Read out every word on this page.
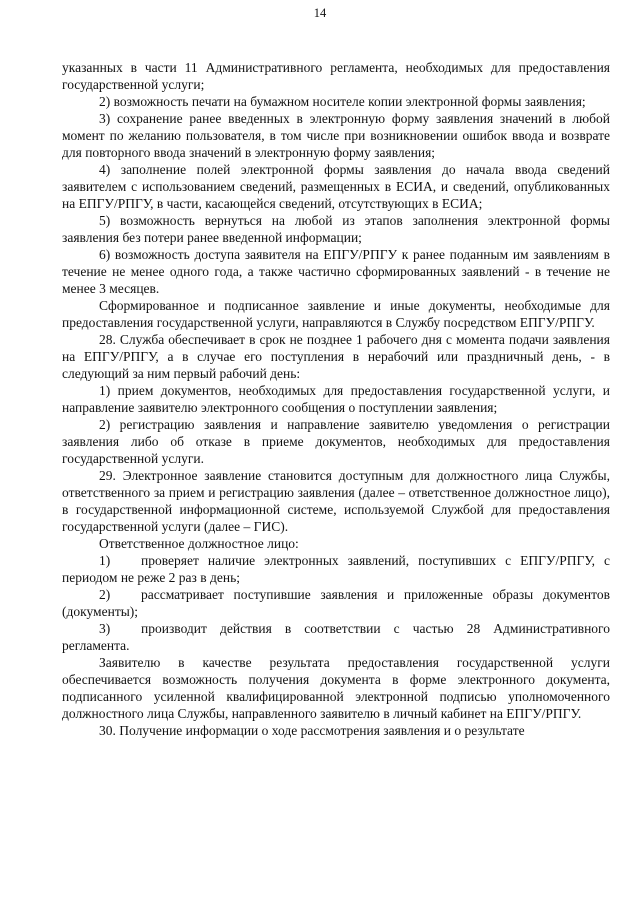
14

указанных в части 11 Административного регламента, необходимых для предоставления государственной услуги;

2) возможность печати на бумажном носителе копии электронной формы заявления;

3) сохранение ранее введенных в электронную форму заявления значений в любой момент по желанию пользователя, в том числе при возникновении ошибок ввода и возврате для повторного ввода значений в электронную форму заявления;

4) заполнение полей электронной формы заявления до начала ввода сведений заявителем с использованием сведений, размещенных в ЕСИА, и сведений, опубликованных на ЕПГУ/РПГУ, в части, касающейся сведений, отсутствующих в ЕСИА;

5) возможность вернуться на любой из этапов заполнения электронной формы заявления без потери ранее введенной информации;

6) возможность доступа заявителя на ЕПГУ/РПГУ к ранее поданным им заявлениям в течение не менее одного года, а также частично сформированных заявлений - в течение не менее 3 месяцев.

Сформированное и подписанное заявление и иные документы, необходимые для предоставления государственной услуги, направляются в Службу посредством ЕПГУ/РПГУ.

28. Служба обеспечивает в срок не позднее 1 рабочего дня с момента подачи заявления на ЕПГУ/РПГУ, а в случае его поступления в нерабочий или праздничный день, - в следующий за ним первый рабочий день:

1) прием документов, необходимых для предоставления государственной услуги, и направление заявителю электронного сообщения о поступлении заявления;

2) регистрацию заявления и направление заявителю уведомления о регистрации заявления либо об отказе в приеме документов, необходимых для предоставления государственной услуги.

29. Электронное заявление становится доступным для должностного лица Службы, ответственного за прием и регистрацию заявления (далее – ответственное должностное лицо), в государственной информационной системе, используемой Службой для предоставления государственной услуги (далее – ГИС).

Ответственное должностное лицо:

1) проверяет наличие электронных заявлений, поступивших с ЕПГУ/РПГУ, с периодом не реже 2 раз в день;

2) рассматривает поступившие заявления и приложенные образы документов (документы);

3) производит действия в соответствии с частью 28 Административного регламента.

Заявителю в качестве результата предоставления государственной услуги обеспечивается возможность получения документа в форме электронного документа, подписанного усиленной квалифицированной электронной подписью уполномоченного должностного лица Службы, направленного заявителю в личный кабинет на ЕПГУ/РПГУ.

30. Получение информации о ходе рассмотрения заявления и о результате
